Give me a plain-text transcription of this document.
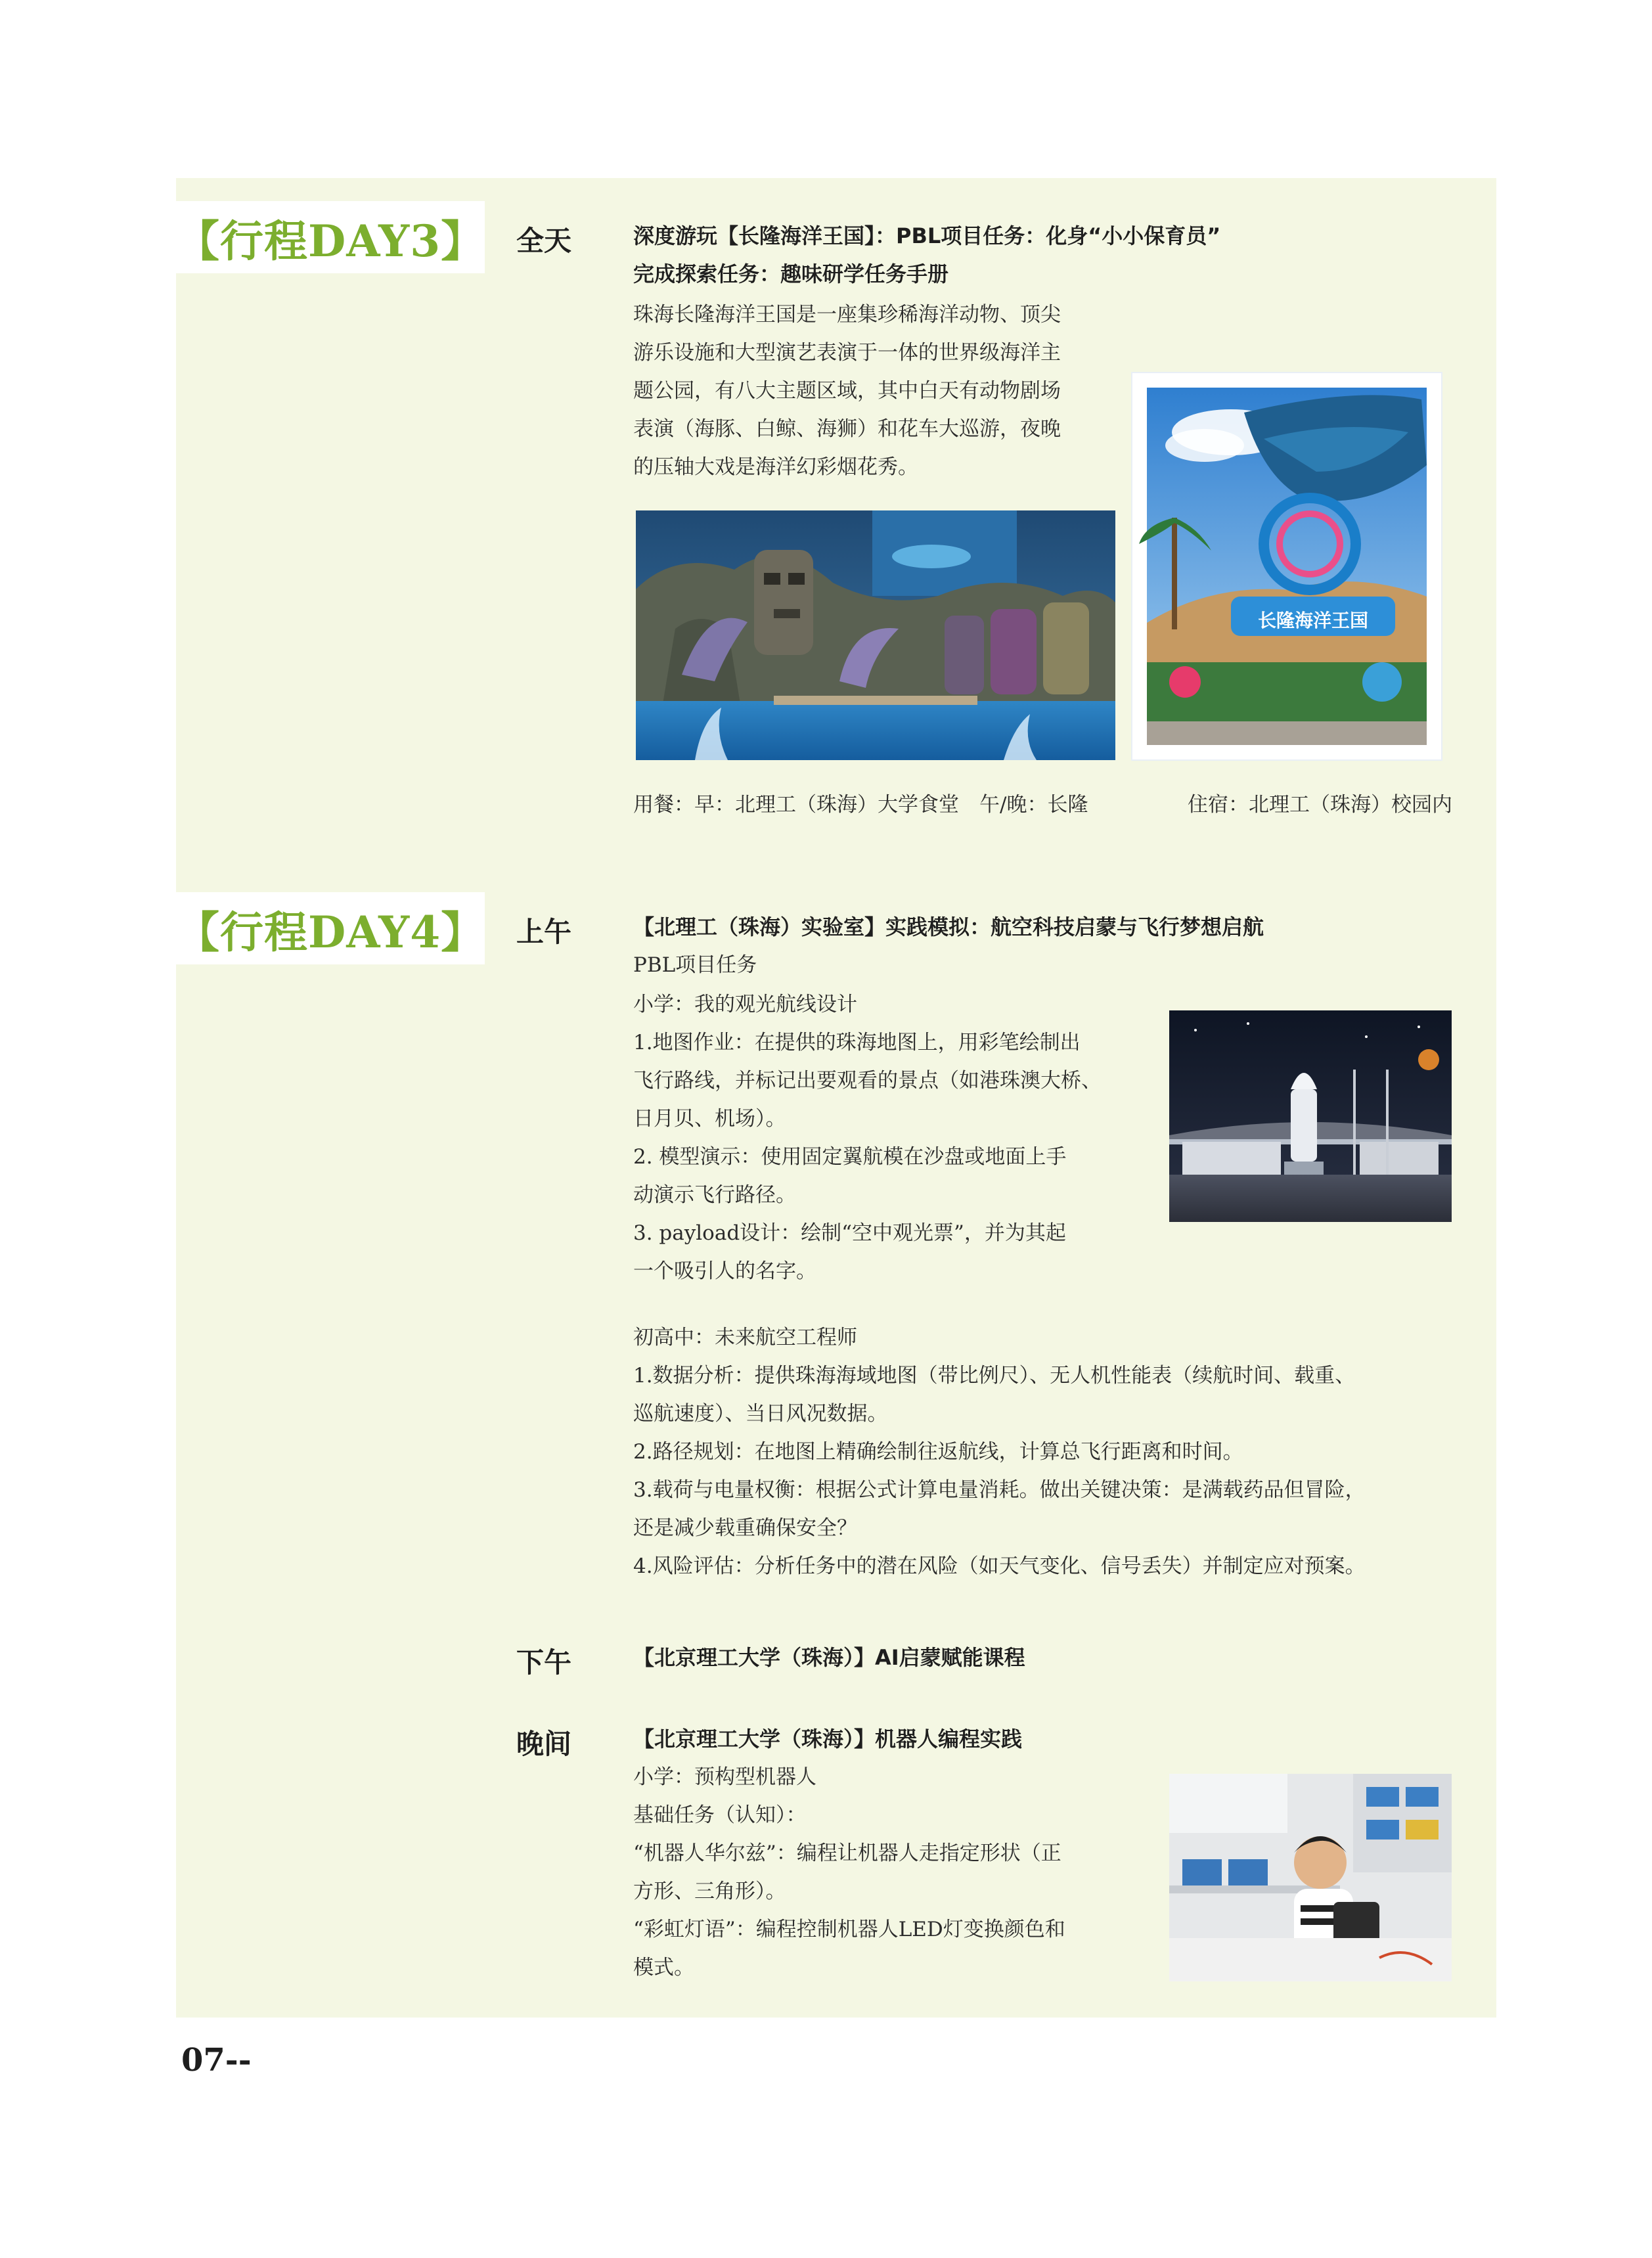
【行程DAY3】 全天	深度游玩【长隆海洋王国】：PBL项目任务：化身“小小保育员”
完成探索任务：趣味研学任务手册
珠海长隆海洋王国是一座集珍稀海洋动物、顶尖
游乐设施和大型演艺表演于一体的世界级海洋主
题公园，有八大主题区域，其中白天有动物剧场
表演（海豚、白鲸、海狮）和花车大巡游，夜晚
的压轴大戏是海洋幻彩烟花秀。
长隆海洋王国
用餐：早：北理工（珠海）大学食堂　午/晚：长隆	住宿：北理工（珠海）校园内
【行程DAY4】 上午	【北理工（珠海）实验室】实践模拟：航空科技启蒙与飞行梦想启航
PBL项目任务
小学：我的观光航线设计
1.地图作业：在提供的珠海地图上，用彩笔绘制出
飞行路线，并标记出要观看的景点（如港珠澳大桥、
日月贝、机场）。
2. 模型演示：使用固定翼航模在沙盘或地面上手
动演示飞行路径。
3. payload设计：绘制“空中观光票”，并为其起
一个吸引人的名字。
初高中：未来航空工程师
1.数据分析：提供珠海海域地图（带比例尺）、无人机性能表（续航时间、载重、
巡航速度）、当日风况数据。
2.路径规划：在地图上精确绘制往返航线，计算总飞行距离和时间。
3.载荷与电量权衡：根据公式计算电量消耗。做出关键决策：是满载药品但冒险，
还是减少载重确保安全？
4.风险评估：分析任务中的潜在风险（如天气变化、信号丢失）并制定应对预案。
下午	【北京理工大学（珠海）】AI启蒙赋能课程
晚间	【北京理工大学（珠海）】机器人编程实践
小学：预构型机器人
基础任务（认知）：
“机器人华尔兹”：编程让机器人走指定形状（正
方形、三角形）。
“彩虹灯语”：编程控制机器人LED灯变换颜色和
模式。
07--
